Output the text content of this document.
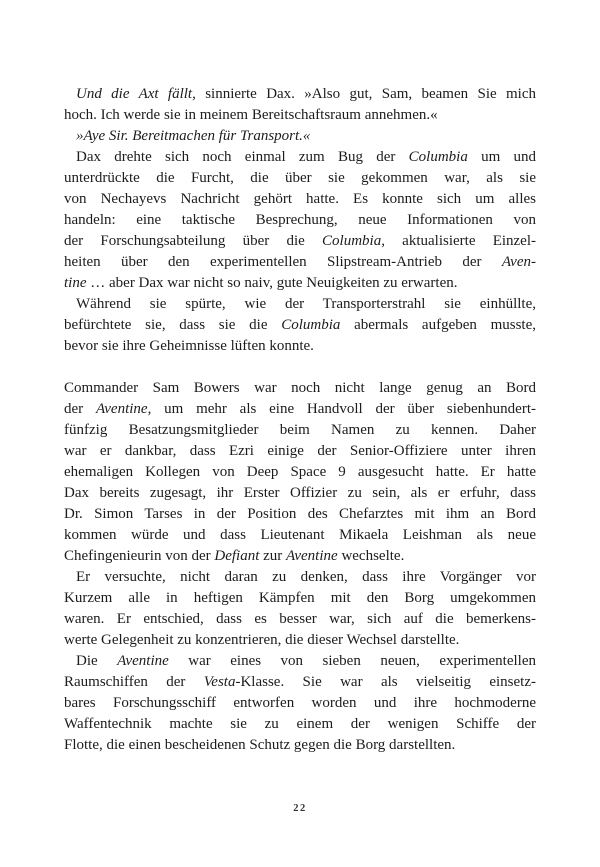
Und die Axt fällt, sinnierte Dax. »Also gut, Sam, beamen Sie mich
hoch. Ich werde sie in meinem Bereitschaftsraum annehmen.«
»Aye Sir. Bereitmachen für Transport.«
Dax drehte sich noch einmal zum Bug der Columbia um und
unterdrückte die Furcht, die über sie gekommen war, als sie
von Nechayevs Nachricht gehört hatte. Es konnte sich um alles
handeln: eine taktische Besprechung, neue Informationen von
der Forschungsabteilung über die Columbia, aktualisierte Einzel-
heiten über den experimentellen Slipstream-Antrieb der Aven-
tine … aber Dax war nicht so naiv, gute Neuigkeiten zu erwarten.
Während sie spürte, wie der Transporterstrahl sie einhüllte,
befürchtete sie, dass sie die Columbia abermals aufgeben musste,
bevor sie ihre Geheimnisse lüften konnte.
Commander Sam Bowers war noch nicht lange genug an Bord
der Aventine, um mehr als eine Handvoll der über siebenhundert-
fünfzig Besatzungsmitglieder beim Namen zu kennen. Daher
war er dankbar, dass Ezri einige der Senior-Offiziere unter ihren
ehemaligen Kollegen von Deep Space 9 ausgesucht hatte. Er hatte
Dax bereits zugesagt, ihr Erster Offizier zu sein, als er erfuhr, dass
Dr. Simon Tarses in der Position des Chefarztes mit ihm an Bord
kommen würde und dass Lieutenant Mikaela Leishman als neue
Chefingenieurin von der Defiant zur Aventine wechselte.
Er versuchte, nicht daran zu denken, dass ihre Vorgänger vor
Kurzem alle in heftigen Kämpfen mit den Borg umgekommen
waren. Er entschied, dass es besser war, sich auf die bemerkens-
werte Gelegenheit zu konzentrieren, die dieser Wechsel darstellte.
Die Aventine war eines von sieben neuen, experimentellen
Raumschiffen der Vesta-Klasse. Sie war als vielseitig einsetz-
bares Forschungsschiff entworfen worden und ihre hochmoderne
Waffentechnik machte sie zu einem der wenigen Schiffe der
Flotte, die einen bescheidenen Schutz gegen die Borg darstellten.
22
